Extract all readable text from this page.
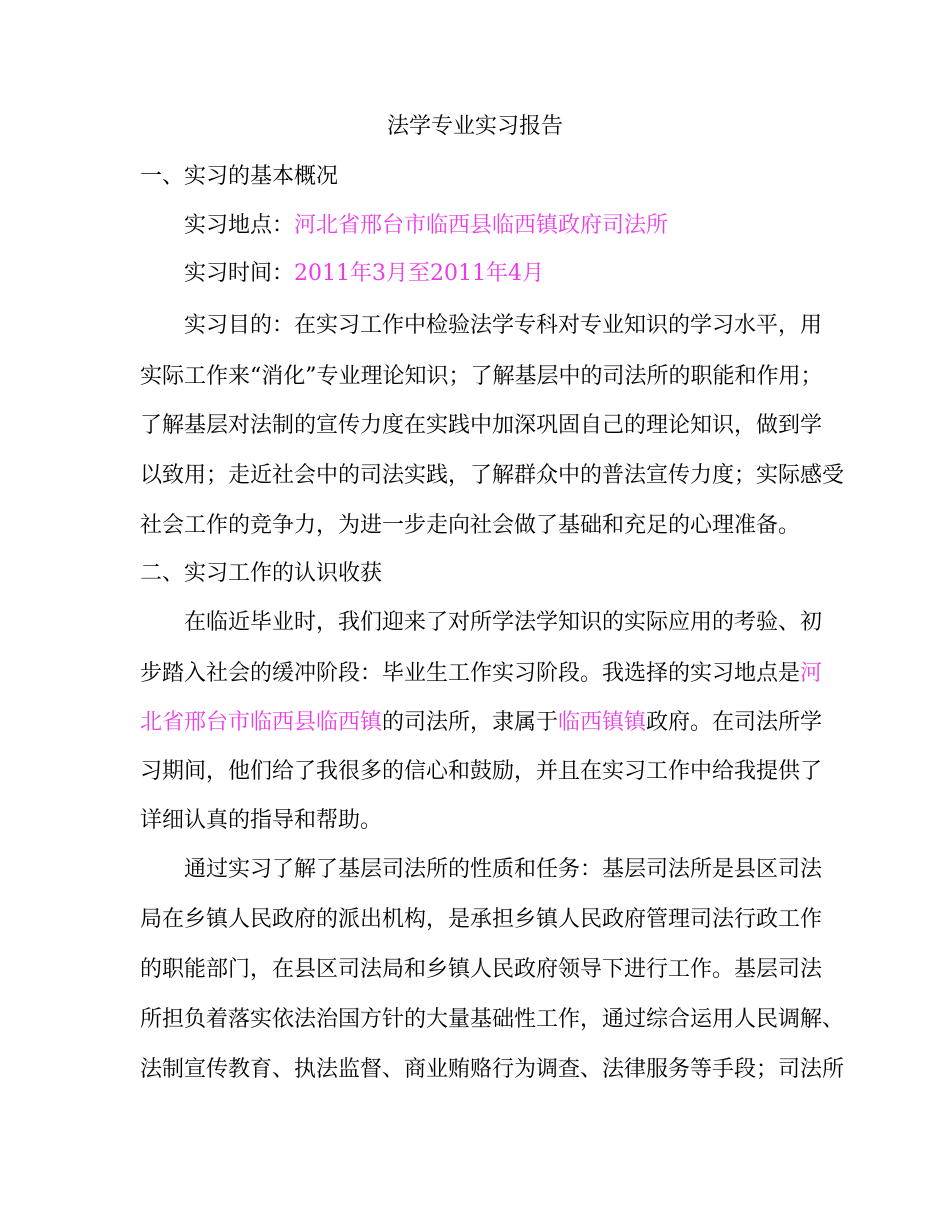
法学专业实习报告
一、实习的基本概况
实习地点：河北省邢台市临西县临西镇政府司法所
实习时间：2011年3月至2011年4月
实习目的：在实习工作中检验法学专科对专业知识的学习水平，用
实际工作来“消化”专业理论知识；了解基层中的司法所的职能和作用；
了解基层对法制的宣传力度在实践中加深巩固自己的理论知识，做到学
以致用；走近社会中的司法实践，了解群众中的普法宣传力度；实际感受
社会工作的竞争力，为进一步走向社会做了基础和充足的心理准备。
二、实习工作的认识收获
在临近毕业时，我们迎来了对所学法学知识的实际应用的考验、初
步踏入社会的缓冲阶段：毕业生工作实习阶段。我选择的实习地点是河
北省邢台市临西县临西镇的司法所，隶属于临西镇镇政府。在司法所学
习期间，他们给了我很多的信心和鼓励，并且在实习工作中给我提供了
详细认真的指导和帮助。
通过实习了解了基层司法所的性质和任务：基层司法所是县区司法
局在乡镇人民政府的派出机构，是承担乡镇人民政府管理司法行政工作
的职能部门，在县区司法局和乡镇人民政府领导下进行工作。基层司法
所担负着落实依法治国方针的大量基础性工作，通过综合运用人民调解、
法制宣传教育、执法监督、商业贿赂行为调查、法律服务等手段；司法所
